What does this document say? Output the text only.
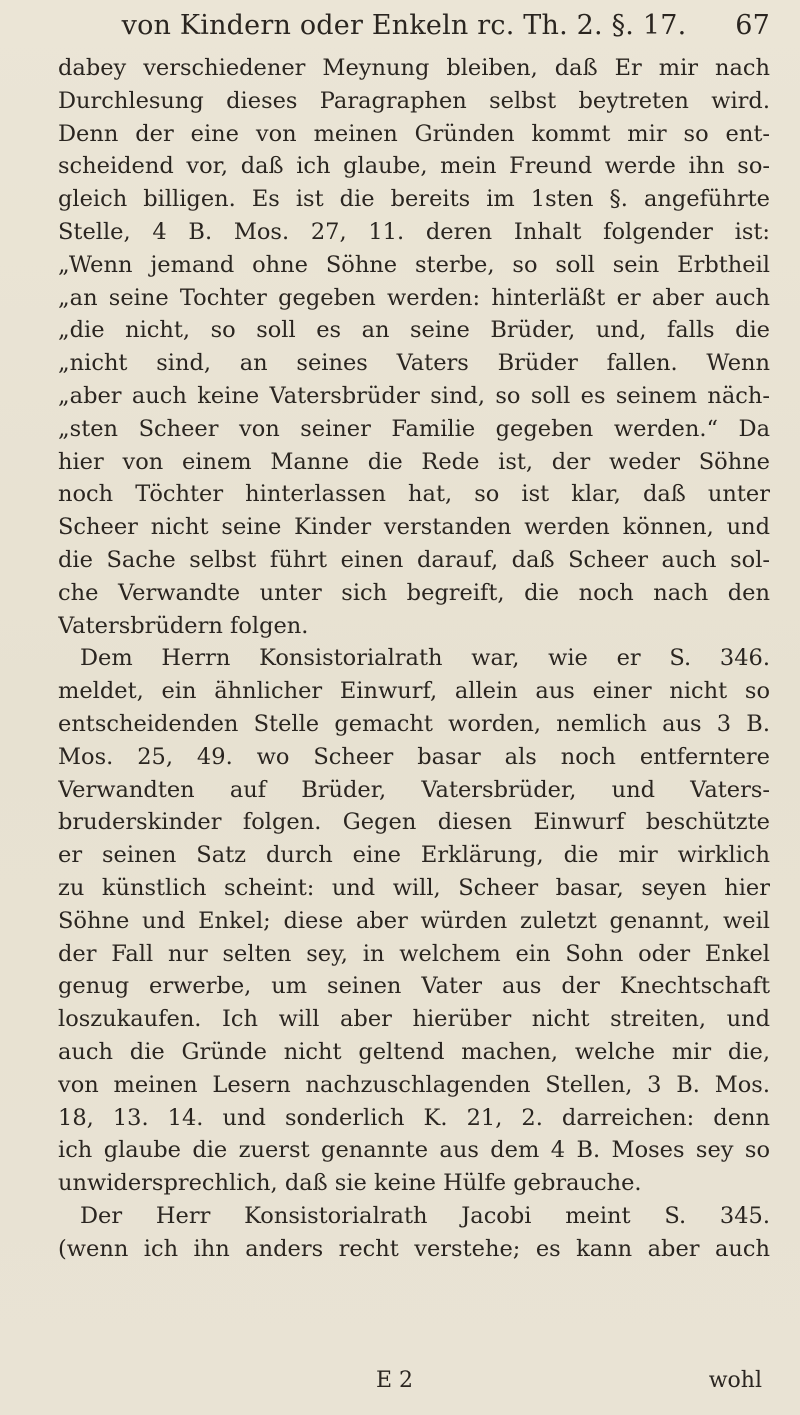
von Kindern oder Enkeln rc. Th. 2. §. 17.	67
dabey verschiedener Meynung bleiben, daß Er mir nach
Durchlesung dieses Paragraphen selbst beytreten wird.
Denn der eine von meinen Gründen kommt mir so ent-
scheidend vor, daß ich glaube, mein Freund werde ihn so-
gleich billigen. Es ist die bereits im 1sten §. angeführte
Stelle, 4 B. Mos. 27, 11. deren Inhalt folgender ist:
„Wenn jemand ohne Söhne sterbe, so soll sein Erbtheil
„an seine Tochter gegeben werden: hinterläßt er aber auch
„die nicht, so soll es an seine Brüder, und, falls die
„nicht sind, an seines Vaters Brüder fallen. Wenn
„aber auch keine Vatersbrüder sind, so soll es seinem näch-
„sten Scheer von seiner Familie gegeben werden.“ Da
hier von einem Manne die Rede ist, der weder Söhne
noch Töchter hinterlassen hat, so ist klar, daß unter
Scheer nicht seine Kinder verstanden werden können, und
die Sache selbst führt einen darauf, daß Scheer auch sol-
che Verwandte unter sich begreift, die noch nach den
Vatersbrüdern folgen.
Dem Herrn Konsistorialrath war, wie er S. 346.
meldet, ein ähnlicher Einwurf, allein aus einer nicht so
entscheidenden Stelle gemacht worden, nemlich aus 3 B.
Mos. 25, 49. wo Scheer basar als noch entferntere
Verwandten auf Brüder, Vatersbrüder, und Vaters-
bruderskinder folgen. Gegen diesen Einwurf beschützte
er seinen Satz durch eine Erklärung, die mir wirklich
zu künstlich scheint: und will, Scheer basar, seyen hier
Söhne und Enkel; diese aber würden zuletzt genannt, weil
der Fall nur selten sey, in welchem ein Sohn oder Enkel
genug erwerbe, um seinen Vater aus der Knechtschaft
loszukaufen. Ich will aber hierüber nicht streiten, und
auch die Gründe nicht geltend machen, welche mir die,
von meinen Lesern nachzuschlagenden Stellen, 3 B. Mos.
18, 13. 14. und sonderlich K. 21, 2. darreichen: denn
ich glaube die zuerst genannte aus dem 4 B. Moses sey so
unwidersprechlich, daß sie keine Hülfe gebrauche.
Der Herr Konsistorialrath Jacobi meint S. 345.
(wenn ich ihn anders recht verstehe; es kann aber auch
E 2	wohl
